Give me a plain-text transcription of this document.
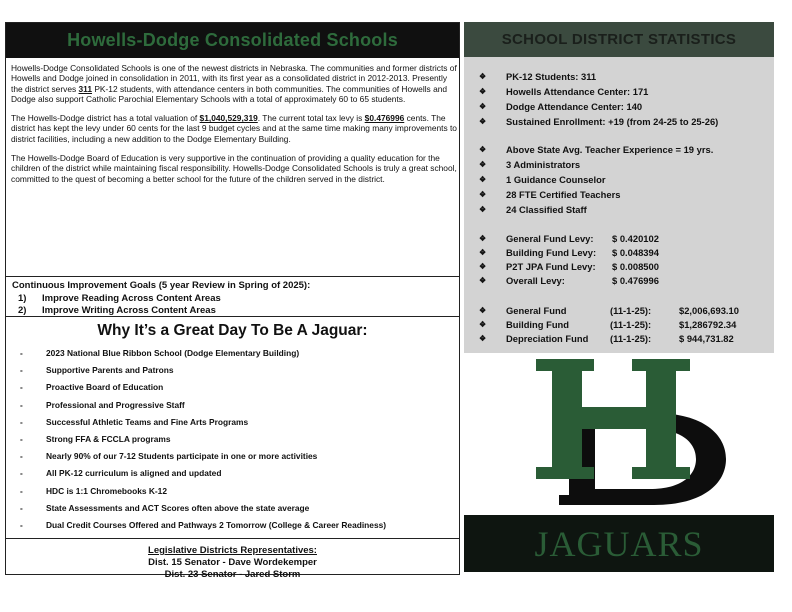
Howells-Dodge Consolidated Schools

Howells-Dodge Consolidated Schools is one of the newest districts in Nebraska. The communities and former districts of Howells and Dodge joined in consolidation in 2011, with its first year as a consolidated district in 2012-2013. Presently the district serves 311 PK-12 students, with attendance centers in both communities. The communities of Howells and Dodge also support Catholic Parochial Elementary Schools with a total of approximately 60 to 65 students.

The Howells-Dodge district has a total valuation of $1,040,529,319. The current total tax levy is $0.476996 cents. The district has kept the levy under 60 cents for the last 9 budget cycles and at the same time making many improvements to district facilities, including a new addition to the Dodge Elementary Building.

The Howells-Dodge Board of Education is very supportive in the continuation of providing a quality education for the children of the district while maintaining fiscal responsibility. Howells-Dodge Consolidated Schools is truly a great school, committed to the quest of becoming a better school for the future of the children served in the district.

Continuous Improvement Goals (5 year Review in Spring of 2025):
1) Improve Reading Across Content Areas
2) Improve Writing Across Content Areas
Why It’s a Great Day To Be A Jaguar:
-	2023 National Blue Ribbon School (Dodge Elementary Building)
-	Supportive Parents and Patrons
-	Proactive Board of Education
-	Professional and Progressive Staff
-	Successful Athletic Teams and Fine Arts Programs
-	Strong FFA & FCCLA programs
-	Nearly 90% of our 7-12 Students participate in one or more activities
-	All PK-12 curriculum is aligned and updated
-	HDC is 1:1 Chromebooks K-12
-	State Assessments and ACT Scores often above the state average
-	Dual Credit Courses Offered and Pathways 2 Tomorrow (College & Career Readiness)
Legislative Districts Representatives:
Dist. 15 Senator - Dave Wordekemper
Dist. 23 Senator - Jared Storm
SCHOOL DISTRICT STATISTICS
❖ PK-12 Students: 311
❖ Howells Attendance Center: 171
❖ Dodge Attendance Center: 140
❖ Sustained Enrollment: +19 (from 24-25 to 25-26)
❖ Above State Avg. Teacher Experience = 19 yrs.
❖ 3 Administrators
❖ 1 Guidance Counselor
❖ 28 FTE Certified Teachers
❖ 24 Classified Staff
❖ General Fund Levy: $ 0.420102
❖ Building Fund Levy: $ 0.048394
❖ P2T JPA Fund Levy: $ 0.008500
❖ Overall Levy:	$ 0.476996
❖ General Fund	(11-1-25):	$2,006,693.10
❖ Building Fund	(11-1-25):	$1,286792.34
❖ Depreciation Fund (11-1-25):	$ 944,731.82
JAGUARS
